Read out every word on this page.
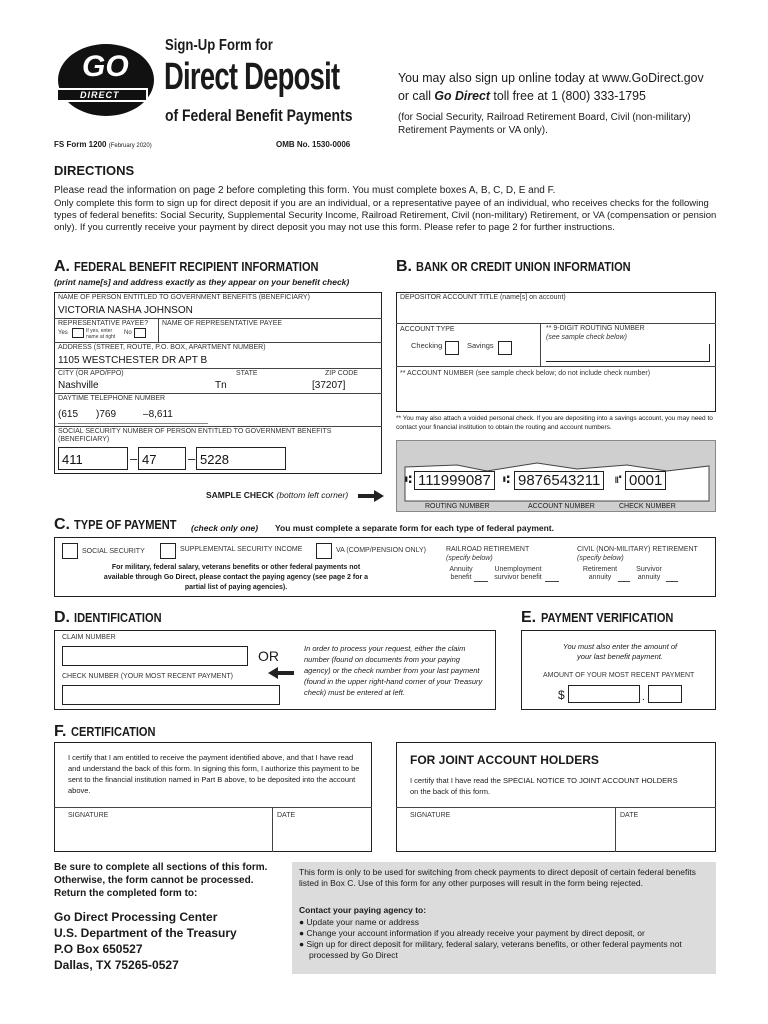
GO
DIRECT
Sign-Up Form for
Direct Deposit
of Federal Benefit Payments
You may also sign up online today at www.GoDirect.gov
or call Go Direct toll free at 1 (800) 333-1795
(for Social Security, Railroad Retirement Board, Civil (non-military) Retirement Payments or VA only).
FS Form 1200 (February 2020)	OMB No. 1530-0006
DIRECTIONS
Please read the information on page 2 before completing this form. You must complete boxes A, B, C, D, E and F.
Only complete this form to sign up for direct deposit if you are an individual, or a representative payee of an individual, who receives checks for the following types of federal benefits: Social Security, Supplemental Security Income, Railroad Retirement, Civil (non-military) Retirement, or VA (compensation or pension only). If you currently receive your payment by direct deposit you may not use this form. Please refer to page 2 for further instructions.
A. FEDERAL BENEFIT RECIPIENT INFORMATION
(print name[s] and address exactly as they appear on your benefit check)
NAME OF PERSON ENTITLED TO GOVERNMENT BENEFITS (BENEFICIARY)
VICTORIA NASHA JOHNSON
REPRESENTATIVE PAYEE?
Yes	If yes, enter name at right
No
NAME OF REPRESENTATIVE PAYEE
ADDRESS (STREET, ROUTE, P.O. BOX, APARTMENT NUMBER)
1105 WESTCHESTER DR APT B
CITY (OR APO/FPO)	STATE	ZIP CODE
Nashville	Tn	[37207]
DAYTIME TELEPHONE NUMBER
(615 )769	–8,611
SOCIAL SECURITY NUMBER OF PERSON ENTITLED TO GOVERNMENT BENEFITS (BENEFICIARY)
411	– 47 – 5228
SAMPLE CHECK (bottom left corner)
B. BANK OR CREDIT UNION INFORMATION
DEPOSITOR ACCOUNT TITLE (name[s] on account)
ACCOUNT TYPE
Checking	Savings
** 9-DIGIT ROUTING NUMBER
(see sample check below)
** ACCOUNT NUMBER (see sample check below; do not include check number)
** You may also attach a voided personal check. If you are depositing into a savings account, you may need to contact your financial institution to obtain the routing and account numbers.
⑆ 111999087	⑆ 9876543211	⑈ 0001
ROUTING NUMBER	ACCOUNT NUMBER	CHECK NUMBER
C. TYPE OF PAYMENT	(check only one) You must complete a separate form for each type of federal payment.
SOCIAL SECURITY	SUPPLEMENTAL SECURITY INCOME	VA (COMP/PENSION ONLY)
For military, federal salary, veterans benefits or other federal payments not available through Go Direct, please contact the paying agency (see page 2 for a partial list of paying agencies).
RAILROAD RETIREMENT
(specify below)
Annuity benefit
Unemployment survivor benefit
CIVIL (NON-MILITARY) RETIREMENT
(specify below)
Retirement annuity
Survivor annuity
D. IDENTIFICATION
CLAIM NUMBER
OR
CHECK NUMBER (YOUR MOST RECENT PAYMENT)
In order to process your request, either the claim number (found on documents from your paying agency) or the check number from your last payment (found in the upper right-hand corner of your Treasury check) must be entered at left.
E. PAYMENT VERIFICATION
You must also enter the amount of your last benefit payment.
AMOUNT OF YOUR MOST RECENT PAYMENT
$	.
F. CERTIFICATION
I certify that I am entitled to receive the payment identified above, and that I have read and understand the back of this form. In signing this form, I authorize this payment to be sent to the financial institution named in Part B above, to be deposited into the account above.
SIGNATURE	DATE
FOR JOINT ACCOUNT HOLDERS
I certify that I have read the SPECIAL NOTICE TO JOINT ACCOUNT HOLDERS on the back of this form.
SIGNATURE	DATE
Be sure to complete all sections of this form.
Otherwise, the form cannot be processed.
Return the completed form to:
Go Direct Processing Center
U.S. Department of the Treasury
P.O Box 650527
Dallas, TX 75265-0527
This form is only to be used for switching from check payments to direct deposit of certain federal benefits listed in Box C. Use of this form for any other purposes will result in the form being rejected.
Contact your paying agency to:
● Update your name or address
● Change your account information if you already receive your payment by direct deposit, or
● Sign up for direct deposit for military, federal salary, veterans benefits, or other federal payments not processed by Go Direct
